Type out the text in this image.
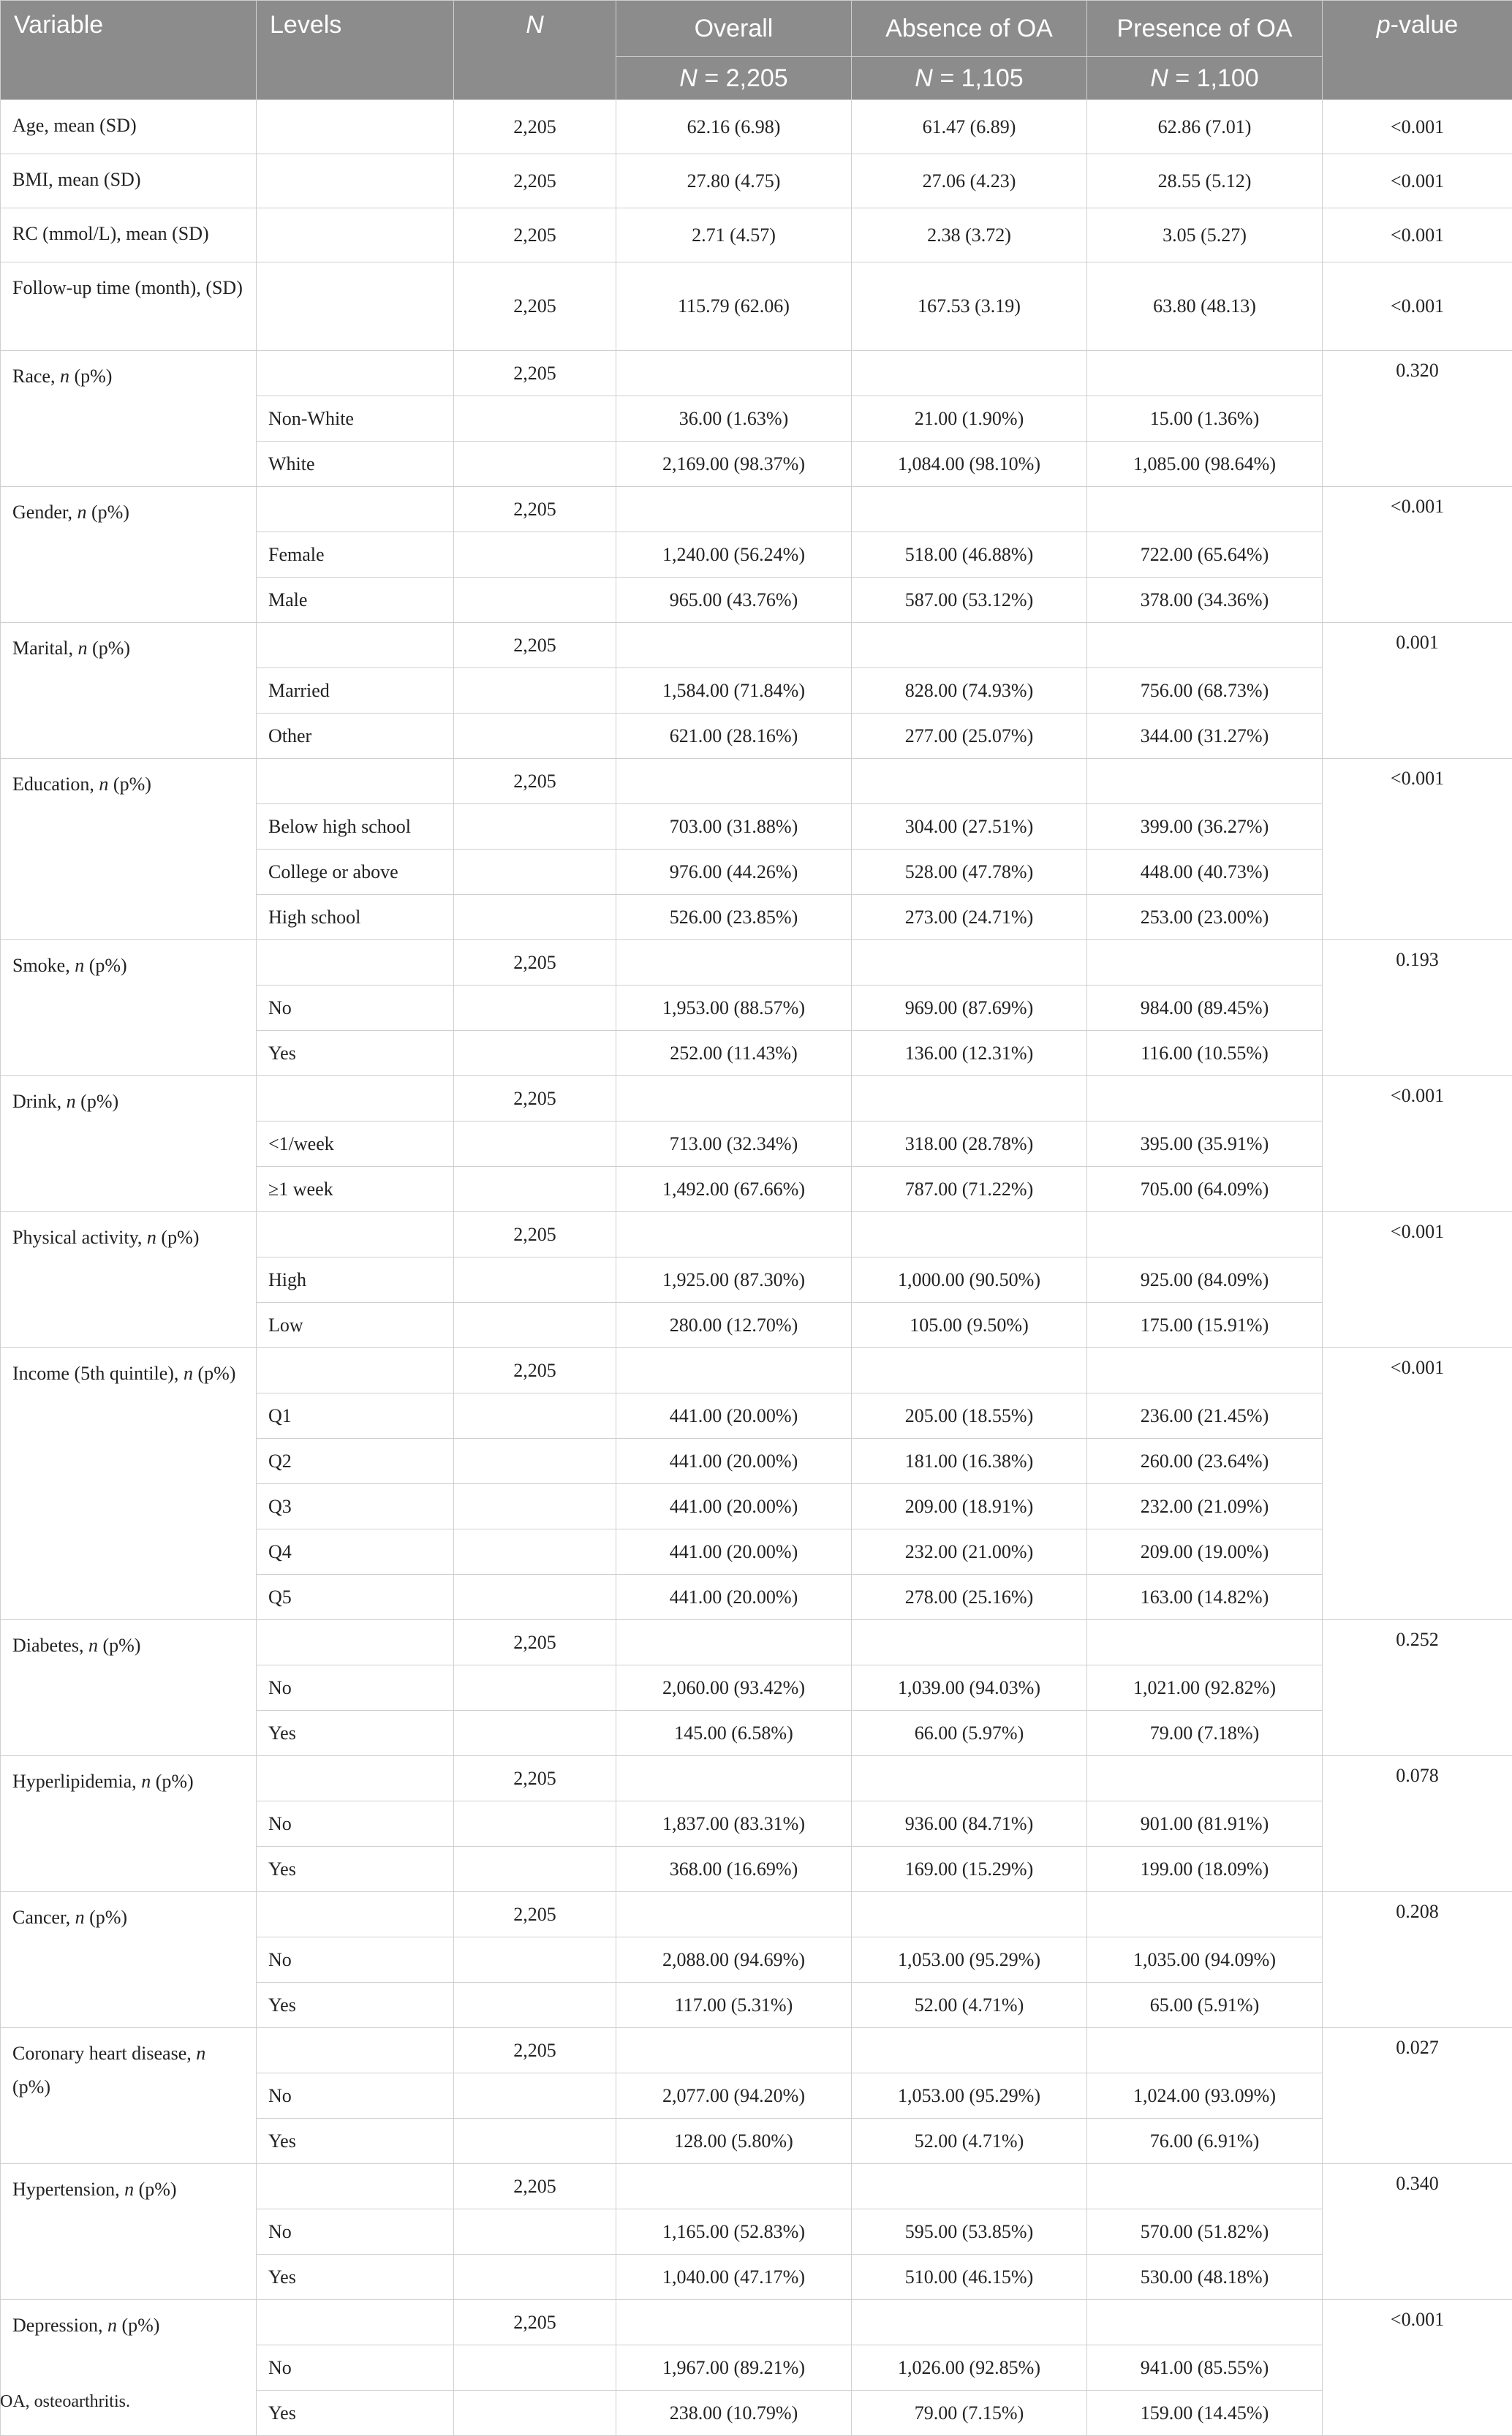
Variable	Levels	N	Overall	Absence of OA	Presence of OA	p-value
			N = 2,205	N = 1,105	N = 1,100	
Age, mean (SD)		2,205	62.16 (6.98)	61.47 (6.89)	62.86 (7.01)	<0.001
BMI, mean (SD)		2,205	27.80 (4.75)	27.06 (4.23)	28.55 (5.12)	<0.001
RC (mmol/L), mean (SD)		2,205	2.71 (4.57)	2.38 (3.72)	3.05 (5.27)	<0.001
Follow-up time (month), (SD)		2,205	115.79 (62.06)	167.53 (3.19)	63.80 (48.13)	<0.001
Race, n (p%)		2,205				0.320
	Non-White		36.00 (1.63%)	21.00 (1.90%)	15.00 (1.36%)	
	White		2,169.00 (98.37%)	1,084.00 (98.10%)	1,085.00 (98.64%)	
Gender, n (p%)		2,205				<0.001
	Female		1,240.00 (56.24%)	518.00 (46.88%)	722.00 (65.64%)	
	Male		965.00 (43.76%)	587.00 (53.12%)	378.00 (34.36%)	
Marital, n (p%)		2,205				0.001
	Married		1,584.00 (71.84%)	828.00 (74.93%)	756.00 (68.73%)	
	Other		621.00 (28.16%)	277.00 (25.07%)	344.00 (31.27%)	
Education, n (p%)		2,205				<0.001
	Below high school		703.00 (31.88%)	304.00 (27.51%)	399.00 (36.27%)	
	College or above		976.00 (44.26%)	528.00 (47.78%)	448.00 (40.73%)	
	High school		526.00 (23.85%)	273.00 (24.71%)	253.00 (23.00%)	
Smoke, n (p%)		2,205				0.193
	No		1,953.00 (88.57%)	969.00 (87.69%)	984.00 (89.45%)	
	Yes		252.00 (11.43%)	136.00 (12.31%)	116.00 (10.55%)	
Drink, n (p%)		2,205				<0.001
	<1/week		713.00 (32.34%)	318.00 (28.78%)	395.00 (35.91%)	
	≥1 week		1,492.00 (67.66%)	787.00 (71.22%)	705.00 (64.09%)	
Physical activity, n (p%)		2,205				<0.001
	High		1,925.00 (87.30%)	1,000.00 (90.50%)	925.00 (84.09%)	
	Low		280.00 (12.70%)	105.00 (9.50%)	175.00 (15.91%)	
Income (5th quintile), n (p%)		2,205				<0.001
	Q1		441.00 (20.00%)	205.00 (18.55%)	236.00 (21.45%)	
	Q2		441.00 (20.00%)	181.00 (16.38%)	260.00 (23.64%)	
	Q3		441.00 (20.00%)	209.00 (18.91%)	232.00 (21.09%)	
	Q4		441.00 (20.00%)	232.00 (21.00%)	209.00 (19.00%)	
	Q5		441.00 (20.00%)	278.00 (25.16%)	163.00 (14.82%)	
Diabetes, n (p%)		2,205				0.252
	No		2,060.00 (93.42%)	1,039.00 (94.03%)	1,021.00 (92.82%)	
	Yes		145.00 (6.58%)	66.00 (5.97%)	79.00 (7.18%)	
Hyperlipidemia, n (p%)		2,205				0.078
	No		1,837.00 (83.31%)	936.00 (84.71%)	901.00 (81.91%)	
	Yes		368.00 (16.69%)	169.00 (15.29%)	199.00 (18.09%)	
Cancer, n (p%)		2,205				0.208
	No		2,088.00 (94.69%)	1,053.00 (95.29%)	1,035.00 (94.09%)	
	Yes		117.00 (5.31%)	52.00 (4.71%)	65.00 (5.91%)	
Coronary heart disease, n (p%)		2,205				0.027
	No		2,077.00 (94.20%)	1,053.00 (95.29%)	1,024.00 (93.09%)	
	Yes		128.00 (5.80%)	52.00 (4.71%)	76.00 (6.91%)	
Hypertension, n (p%)		2,205				0.340
	No		1,165.00 (52.83%)	595.00 (53.85%)	570.00 (51.82%)	
	Yes		1,040.00 (47.17%)	510.00 (46.15%)	530.00 (48.18%)	
Depression, n (p%)		2,205				<0.001
	No		1,967.00 (89.21%)	1,026.00 (92.85%)	941.00 (85.55%)	
	Yes		238.00 (10.79%)	79.00 (7.15%)	159.00 (14.45%)	
OA, osteoarthritis.
